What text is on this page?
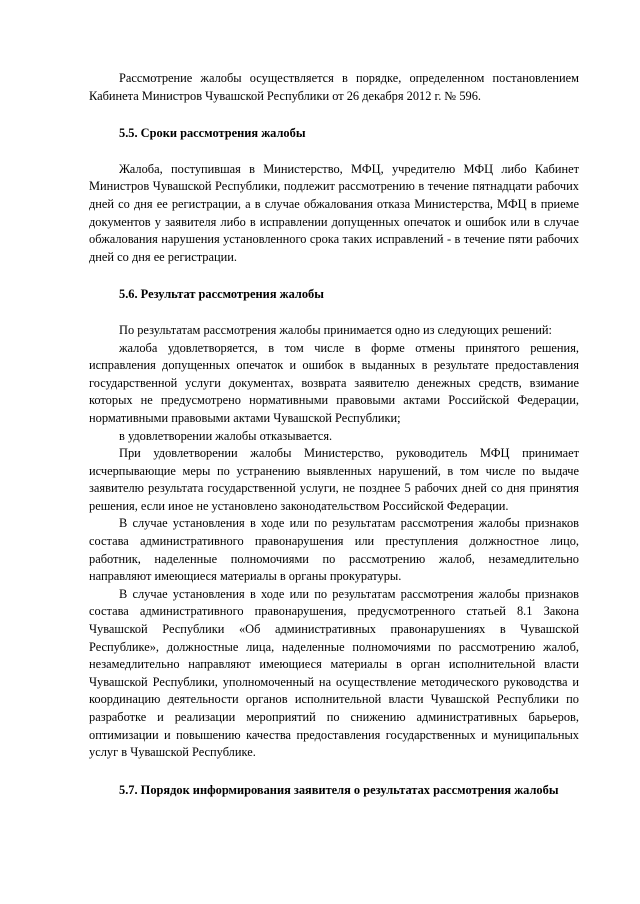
Рассмотрение жалобы осуществляется в порядке, определенном постановлением Кабинета Министров Чувашской Республики от 26 декабря 2012 г. № 596.

5.5. Сроки рассмотрения жалобы

Жалоба, поступившая в Министерство, МФЦ, учредителю МФЦ либо Кабинет Министров Чувашской Республики, подлежит рассмотрению в течение пятнадцати рабочих дней со дня ее регистрации, а в случае обжалования отказа Министерства, МФЦ в приеме документов у заявителя либо в исправлении допущенных опечаток и ошибок или в случае обжалования нарушения установленного срока таких исправлений - в течение пяти рабочих дней со дня ее регистрации.

5.6. Результат рассмотрения жалобы

По результатам рассмотрения жалобы принимается одно из следующих решений:

жалоба удовлетворяется, в том числе в форме отмены принятого решения, исправления допущенных опечаток и ошибок в выданных в результате предоставления государственной услуги документах, возврата заявителю денежных средств, взимание которых не предусмотрено нормативными правовыми актами Российской Федерации, нормативными правовыми актами Чувашской Республики;

в удовлетворении жалобы отказывается.

При удовлетворении жалобы Министерство, руководитель МФЦ принимает исчерпывающие меры по устранению выявленных нарушений, в том числе по выдаче заявителю результата государственной услуги, не позднее 5 рабочих дней со дня принятия решения, если иное не установлено законодательством Российской Федерации.

В случае установления в ходе или по результатам рассмотрения жалобы признаков состава административного правонарушения или преступления должностное лицо, работник, наделенные полномочиями по рассмотрению жалоб, незамедлительно направляют имеющиеся материалы в органы прокуратуры.

В случае установления в ходе или по результатам рассмотрения жалобы признаков состава административного правонарушения, предусмотренного статьей 8.1 Закона Чувашской Республики «Об административных правонарушениях в Чувашской Республике», должностные лица, наделенные полномочиями по рассмотрению жалоб, незамедлительно направляют имеющиеся материалы в орган исполнительной власти Чувашской Республики, уполномоченный на осуществление методического руководства и координацию деятельности органов исполнительной власти Чувашской Республики по разработке и реализации мероприятий по снижению административных барьеров, оптимизации и повышению качества предоставления государственных и муниципальных услуг в Чувашской Республике.

5.7. Порядок информирования заявителя о результатах рассмотрения жалобы
